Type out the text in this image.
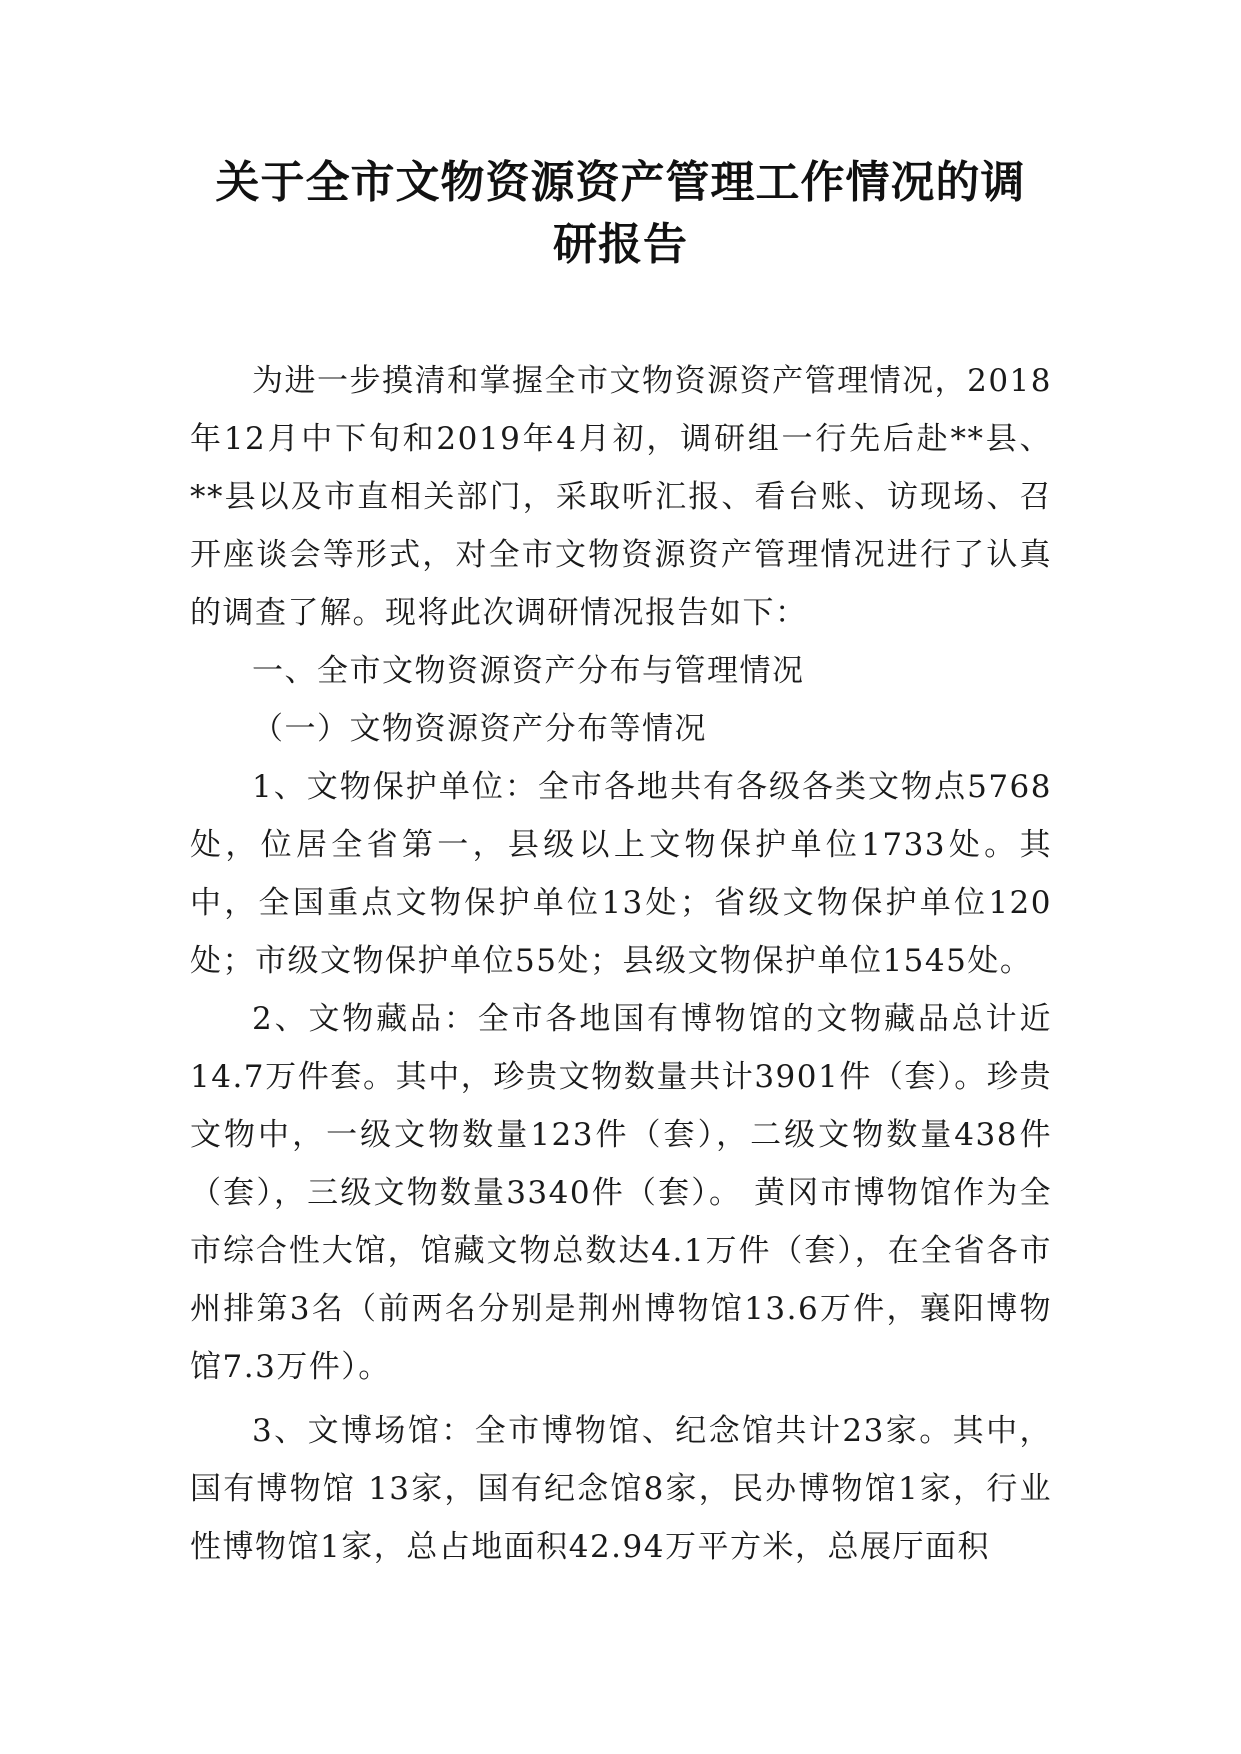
关于全市文物资源资产管理工作情况的调
研报告

为进一步摸清和掌握全市文物资源资产管理情况，2018年12月中下旬和2019年4月初，调研组一行先后赴**县、**县以及市直相关部门，采取听汇报、看台账、访现场、召开座谈会等形式，对全市文物资源资产管理情况进行了认真的调查了解。现将此次调研情况报告如下：

一、全市文物资源资产分布与管理情况

（一）文物资源资产分布等情况

1、文物保护单位：全市各地共有各级各类文物点5768处，位居全省第一，县级以上文物保护单位1733处。其中，全国重点文物保护单位13处；省级文物保护单位120处；市级文物保护单位55处；县级文物保护单位1545处。

2、文物藏品：全市各地国有博物馆的文物藏品总计近14.7万件套。其中，珍贵文物数量共计3901件（套）。珍贵文物中，一级文物数量123件（套），二级文物数量438件（套），三级文物数量3340件（套）。 黄冈市博物馆作为全市综合性大馆，馆藏文物总数达4.1万件（套），在全省各市州排第3名（前两名分别是荆州博物馆13.6万件，襄阳博物馆7.3万件）。

3、文博场馆：全市博物馆、纪念馆共计23家。其中，国有博物馆 13家，国有纪念馆8家，民办博物馆1家，行业性博物馆1家，总占地面积42.94万平方米，总展厅面积
